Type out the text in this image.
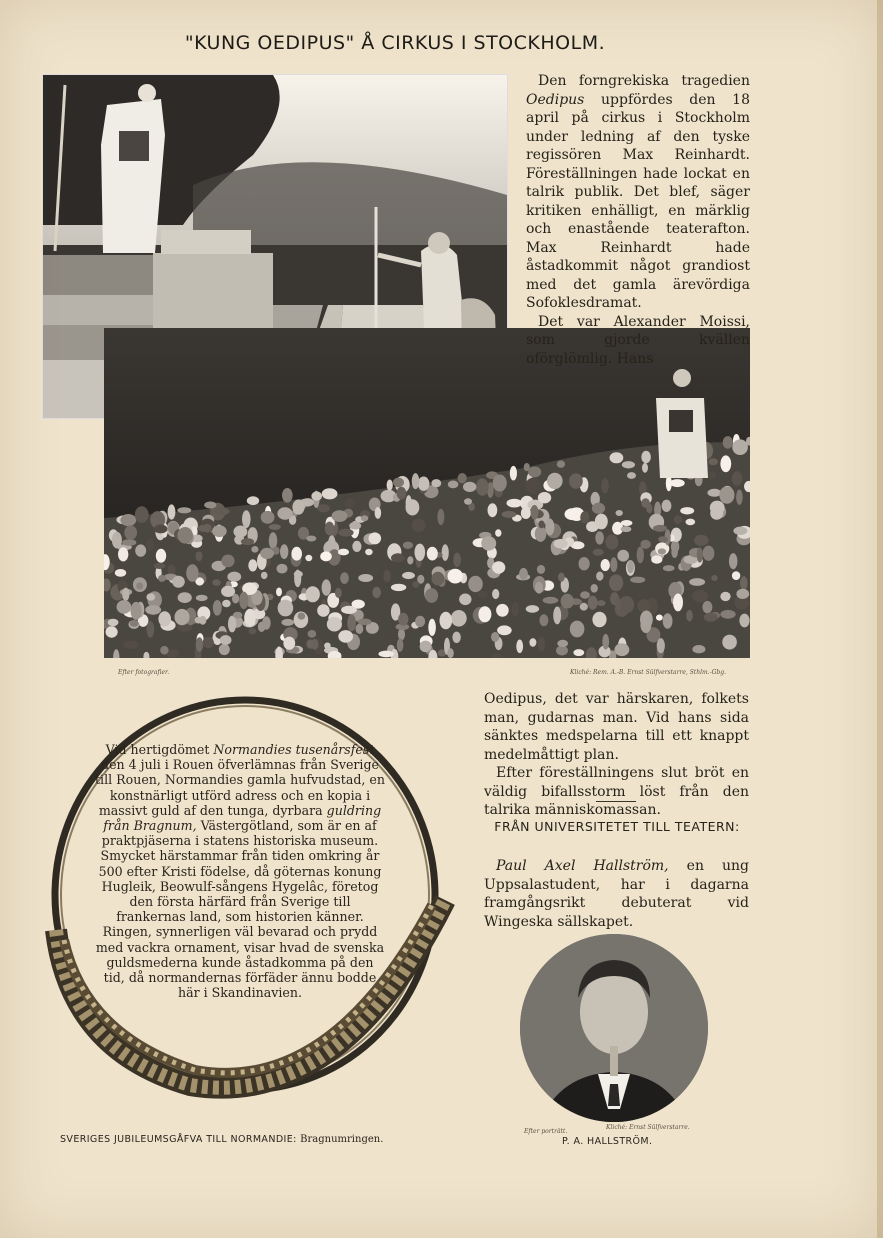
"KUNG OEDIPUS" Å CIRKUS I STOCKHOLM.

Den forngrekiska tragedien Oedipus uppfördes den 18 april på cirkus i Stockholm under ledning af den tyske regissören Max Reinhardt. Föreställningen hade lockat en talrik publik. Det blef, säger kritiken enhälligt, en märklig och enastående teaterafton. Max Reinhardt hade åstadkommit något grandiost med det gamla ärevördiga Sofoklesdramat.

Det var Alexander Moissi, som gjorde kvällen oförglömlig. Hans

Efter fotografier.	Kliché: Rem. A.-B. Ernst Sülfverstarre, Sthlm.-Gbg.

Oedipus, det var härskaren, folkets man, gudarnas man. Vid hans sida sänktes medspelarna till ett knappt medelmåttigt plan.

Efter föreställningens slut bröt en väldig bifallsstorm löst från den talrika människomassan.

FRÅN UNIVERSITETET TILL TEATERN:

Paul Axel Hallström, en ung Uppsalastudent, har i dagarna framgångsrikt debuterat vid Wingeska sällskapet.

Vid hertigdömet Normandies tusenårsfest den 4 juli i Rouen öfverlämnas från Sverige till Rouen, Normandies gamla hufvudstad, en konstnärligt utförd adress och en kopia i massivt guld af den tunga, dyrbara guldring från Bragnum, Västergötland, som är en af praktpjäserna i statens historiska museum. Smycket härstammar från tiden omkring år 500 efter Kristi födelse, då göternas konung Hugleik, Beowulf-sångens Hygelâc, företog den första härfärd från Sverige till frankernas land, som historien känner. Ringen, synnerligen väl bevarad och prydd med vackra ornament, visar hvad de svenska guldsmederna kunde åstadkomma på den tid, då normandernas förfäder ännu bodde här i Skandinavien.
SVERIGES JUBILEUMSGÅFVA TILL NORMANDIE: Bragnumringen.
Efter porträtt.
Kliché: Ernst Sülfverstarre.
P. A. HALLSTRÖM.
